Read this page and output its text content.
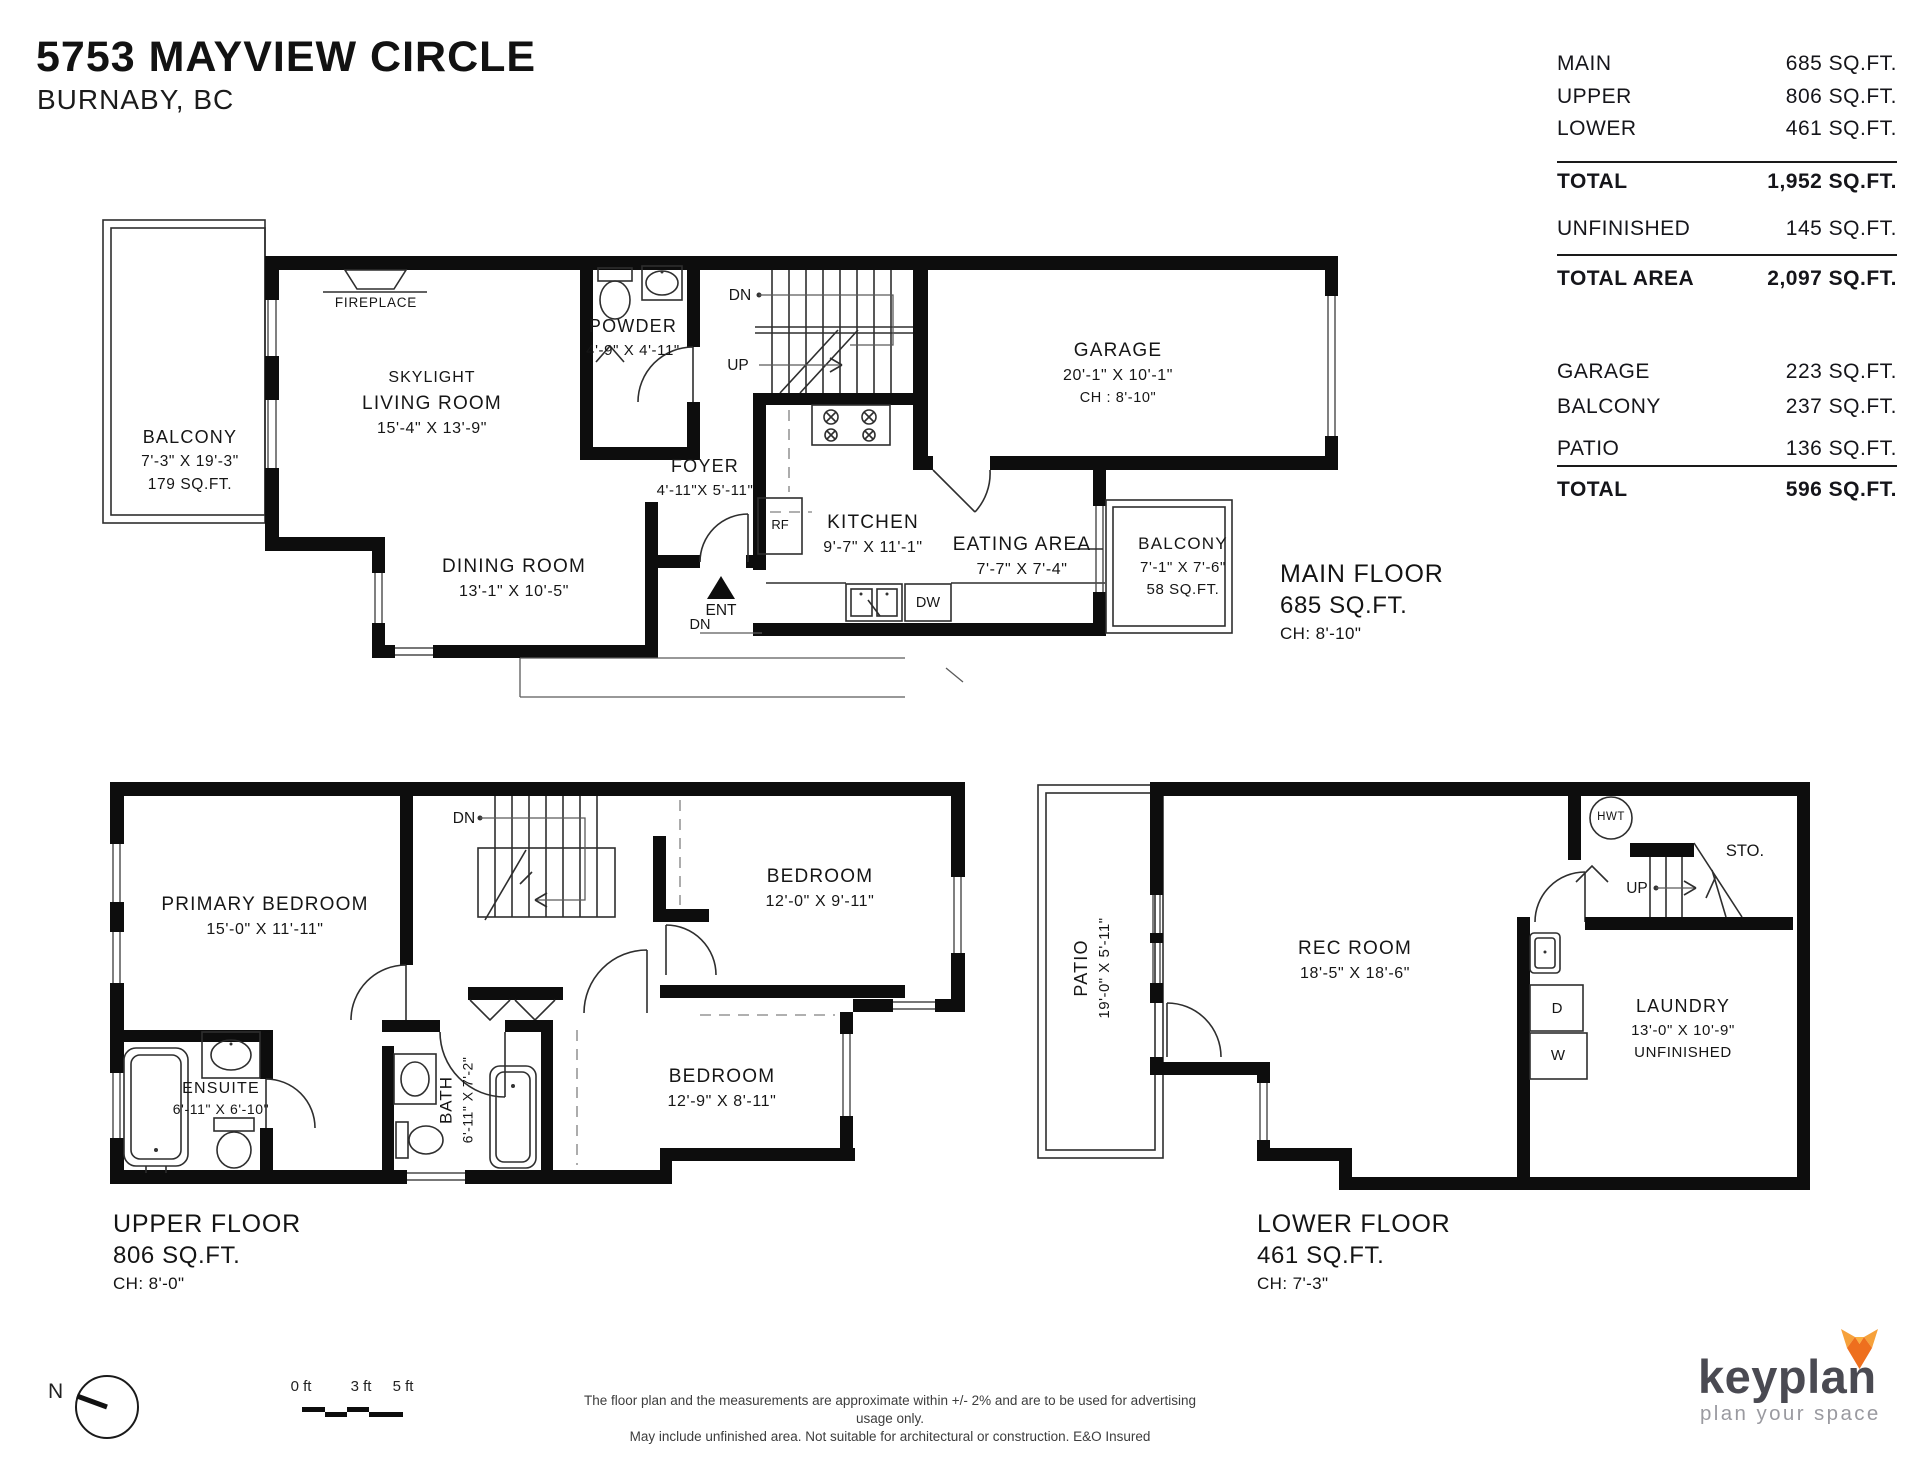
5753 MAYVIEW CIRCLE
BURNABY, BC
MAIN	685 SQ.FT.
UPPER	806 SQ.FT.
LOWER	461 SQ.FT.
TOTAL	1,952 SQ.FT.
UNFINISHED	145 SQ.FT.
TOTAL AREA	2,097 SQ.FT.
GARAGE	223 SQ.FT.
BALCONY	237 SQ.FT.
PATIO	136 SQ.FT.
TOTAL	596 SQ.FT.
BALCONY
7'-3" X 19'-3"
179 SQ.FT.
FIREPLACE
SKYLIGHT
LIVING ROOM
15'-4" X 13'-9"
POWDER
4'-9" X 4'-11"
DN
UP
GARAGE
20'-1" X 10'-1"
CH : 8'-10"
FOYER
4'-11"X 5'-11"
DINING ROOM
13'-1" X 10'-5"
KITCHEN
9'-7" X 11'-1" EATING AREA
7'-7" X 7'-4"
BALCONY
7'-1" X 7'-6"
58 SQ.FT.
ENT
DN
RF
DW
MAIN FLOOR
685 SQ.FT.
CH: 8'-10"
PRIMARY BEDROOM
15'-0" X 11'-11"
DN
BEDROOM
12'-0" X 9'-11"
BEDROOM
12'-9" X 8'-11"
ENSUITE
6'-11" X 6'-10"	BATH 6'-11" X 7'-2"
UPPER FLOOR
806 SQ.FT.
CH: 8'-0"
PATIO 19'-0" X 5'-11"	REC ROOM
18'-5" X 18'-6"
HWT
STO.
UP
LAUNDRY
13'-0" X 10'-9"
UNFINISHED
D
W
LOWER FLOOR
461 SQ.FT.
CH: 7'-3"
N	0 ft	3 ft 5 ft
The floor plan and the measurements are approximate within +/- 2% and are to be used for advertising usage only.
May include unfinished area. Not suitable for architectural or construction. E&O Insured
keyplan
plan your space
